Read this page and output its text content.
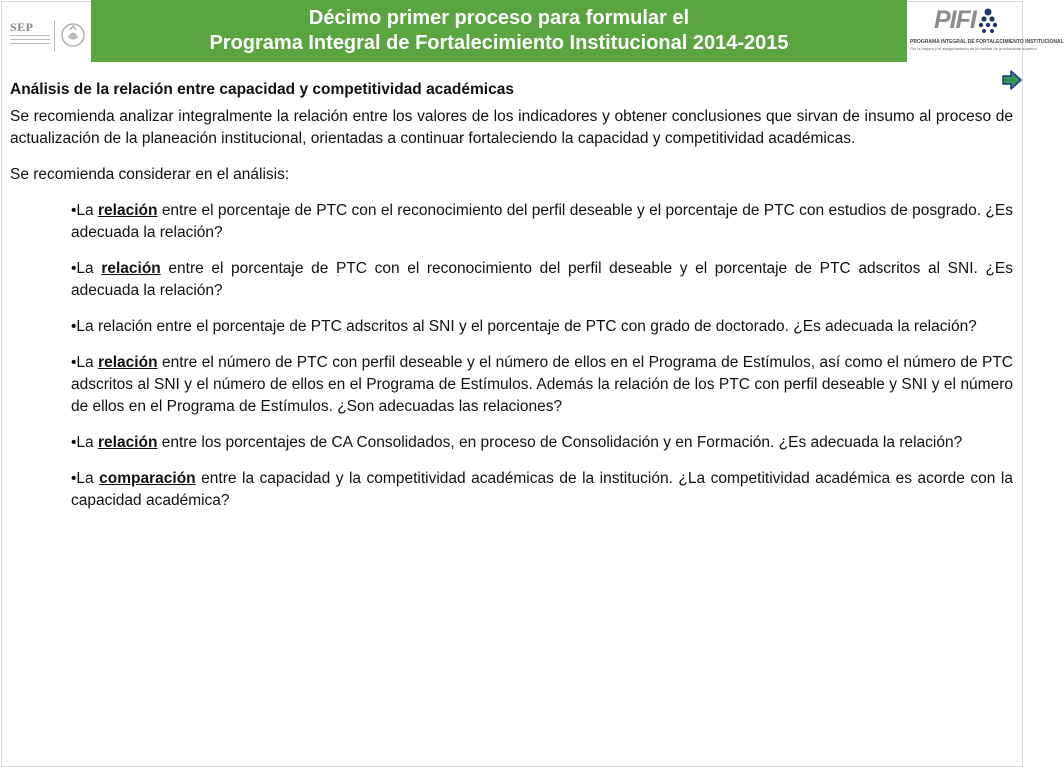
SEP	Décimo primer proceso para formular el
Programa Integral de Fortalecimiento Institucional 2014-2015
PIFI
PROGRAMA INTEGRAL DE FORTALECIMIENTO INSTITUCIONAL
Por la mejora y el aseguramiento de la calidad de la educación superior

Análisis de la relación entre capacidad y competitividad académicas

Se recomienda analizar integralmente la relación entre los valores de los indicadores y obtener conclusiones que sirvan de insumo al proceso de actualización de la planeación institucional, orientadas a continuar fortaleciendo la capacidad y competitividad académicas.

Se recomienda considerar en el análisis:

•La relación entre el porcentaje de PTC con el reconocimiento del perfil deseable y el porcentaje de PTC con estudios de posgrado. ¿Es adecuada la relación?

•La relación entre el porcentaje de PTC con el reconocimiento del perfil deseable y el porcentaje de PTC adscritos al SNI. ¿Es adecuada la relación?

•La relación entre el porcentaje de PTC adscritos al SNI y el porcentaje de PTC con grado de doctorado. ¿Es adecuada la relación?

•La relación entre el número de PTC con perfil deseable y el número de ellos en el Programa de Estímulos, así como el número de PTC adscritos al SNI y el número de ellos en el Programa de Estímulos. Además la relación de los PTC con perfil deseable y SNI y el número de ellos en el Programa de Estímulos. ¿Son adecuadas las relaciones?

•La relación entre los porcentajes de CA Consolidados, en proceso de Consolidación y en Formación. ¿Es adecuada la relación?

•La comparación entre la capacidad y la competitividad académicas de la institución. ¿La competitividad académica es acorde con la capacidad académica?
